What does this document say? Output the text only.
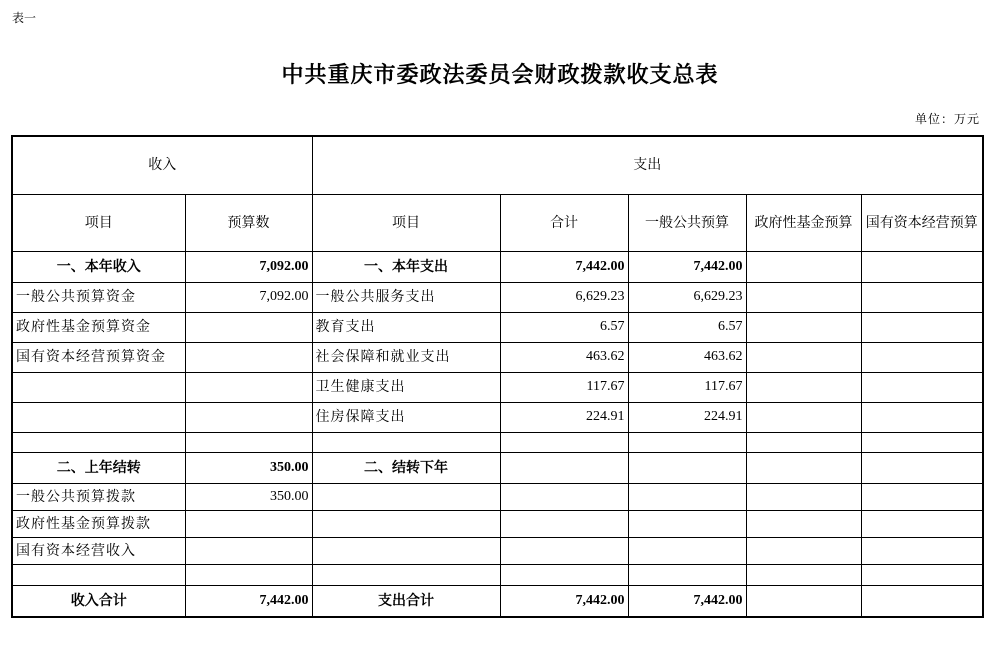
表一
中共重庆市委政法委员会财政拨款收支总表
单位：万元
收入		支出				
项目	预算数	项目	合计	一般公共预算	政府性基金预算	国有资本经营预算
一、本年收入	7,092.00	一、本年支出	7,442.00	7,442.00		
一般公共预算资金	7,092.00	一般公共服务支出	6,629.23	6,629.23		
政府性基金预算资金		教育支出	6.57	6.57		
国有资本经营预算资金		社会保障和就业支出	463.62	463.62		
		卫生健康支出	117.67	117.67		
		住房保障支出	224.91	224.91		

二、上年结转	350.00	二、结转下年				
一般公共预算拨款	350.00					
政府性基金预算拨款						
国有资本经营收入						

收入合计	7,442.00	支出合计	7,442.00	7,442.00		
